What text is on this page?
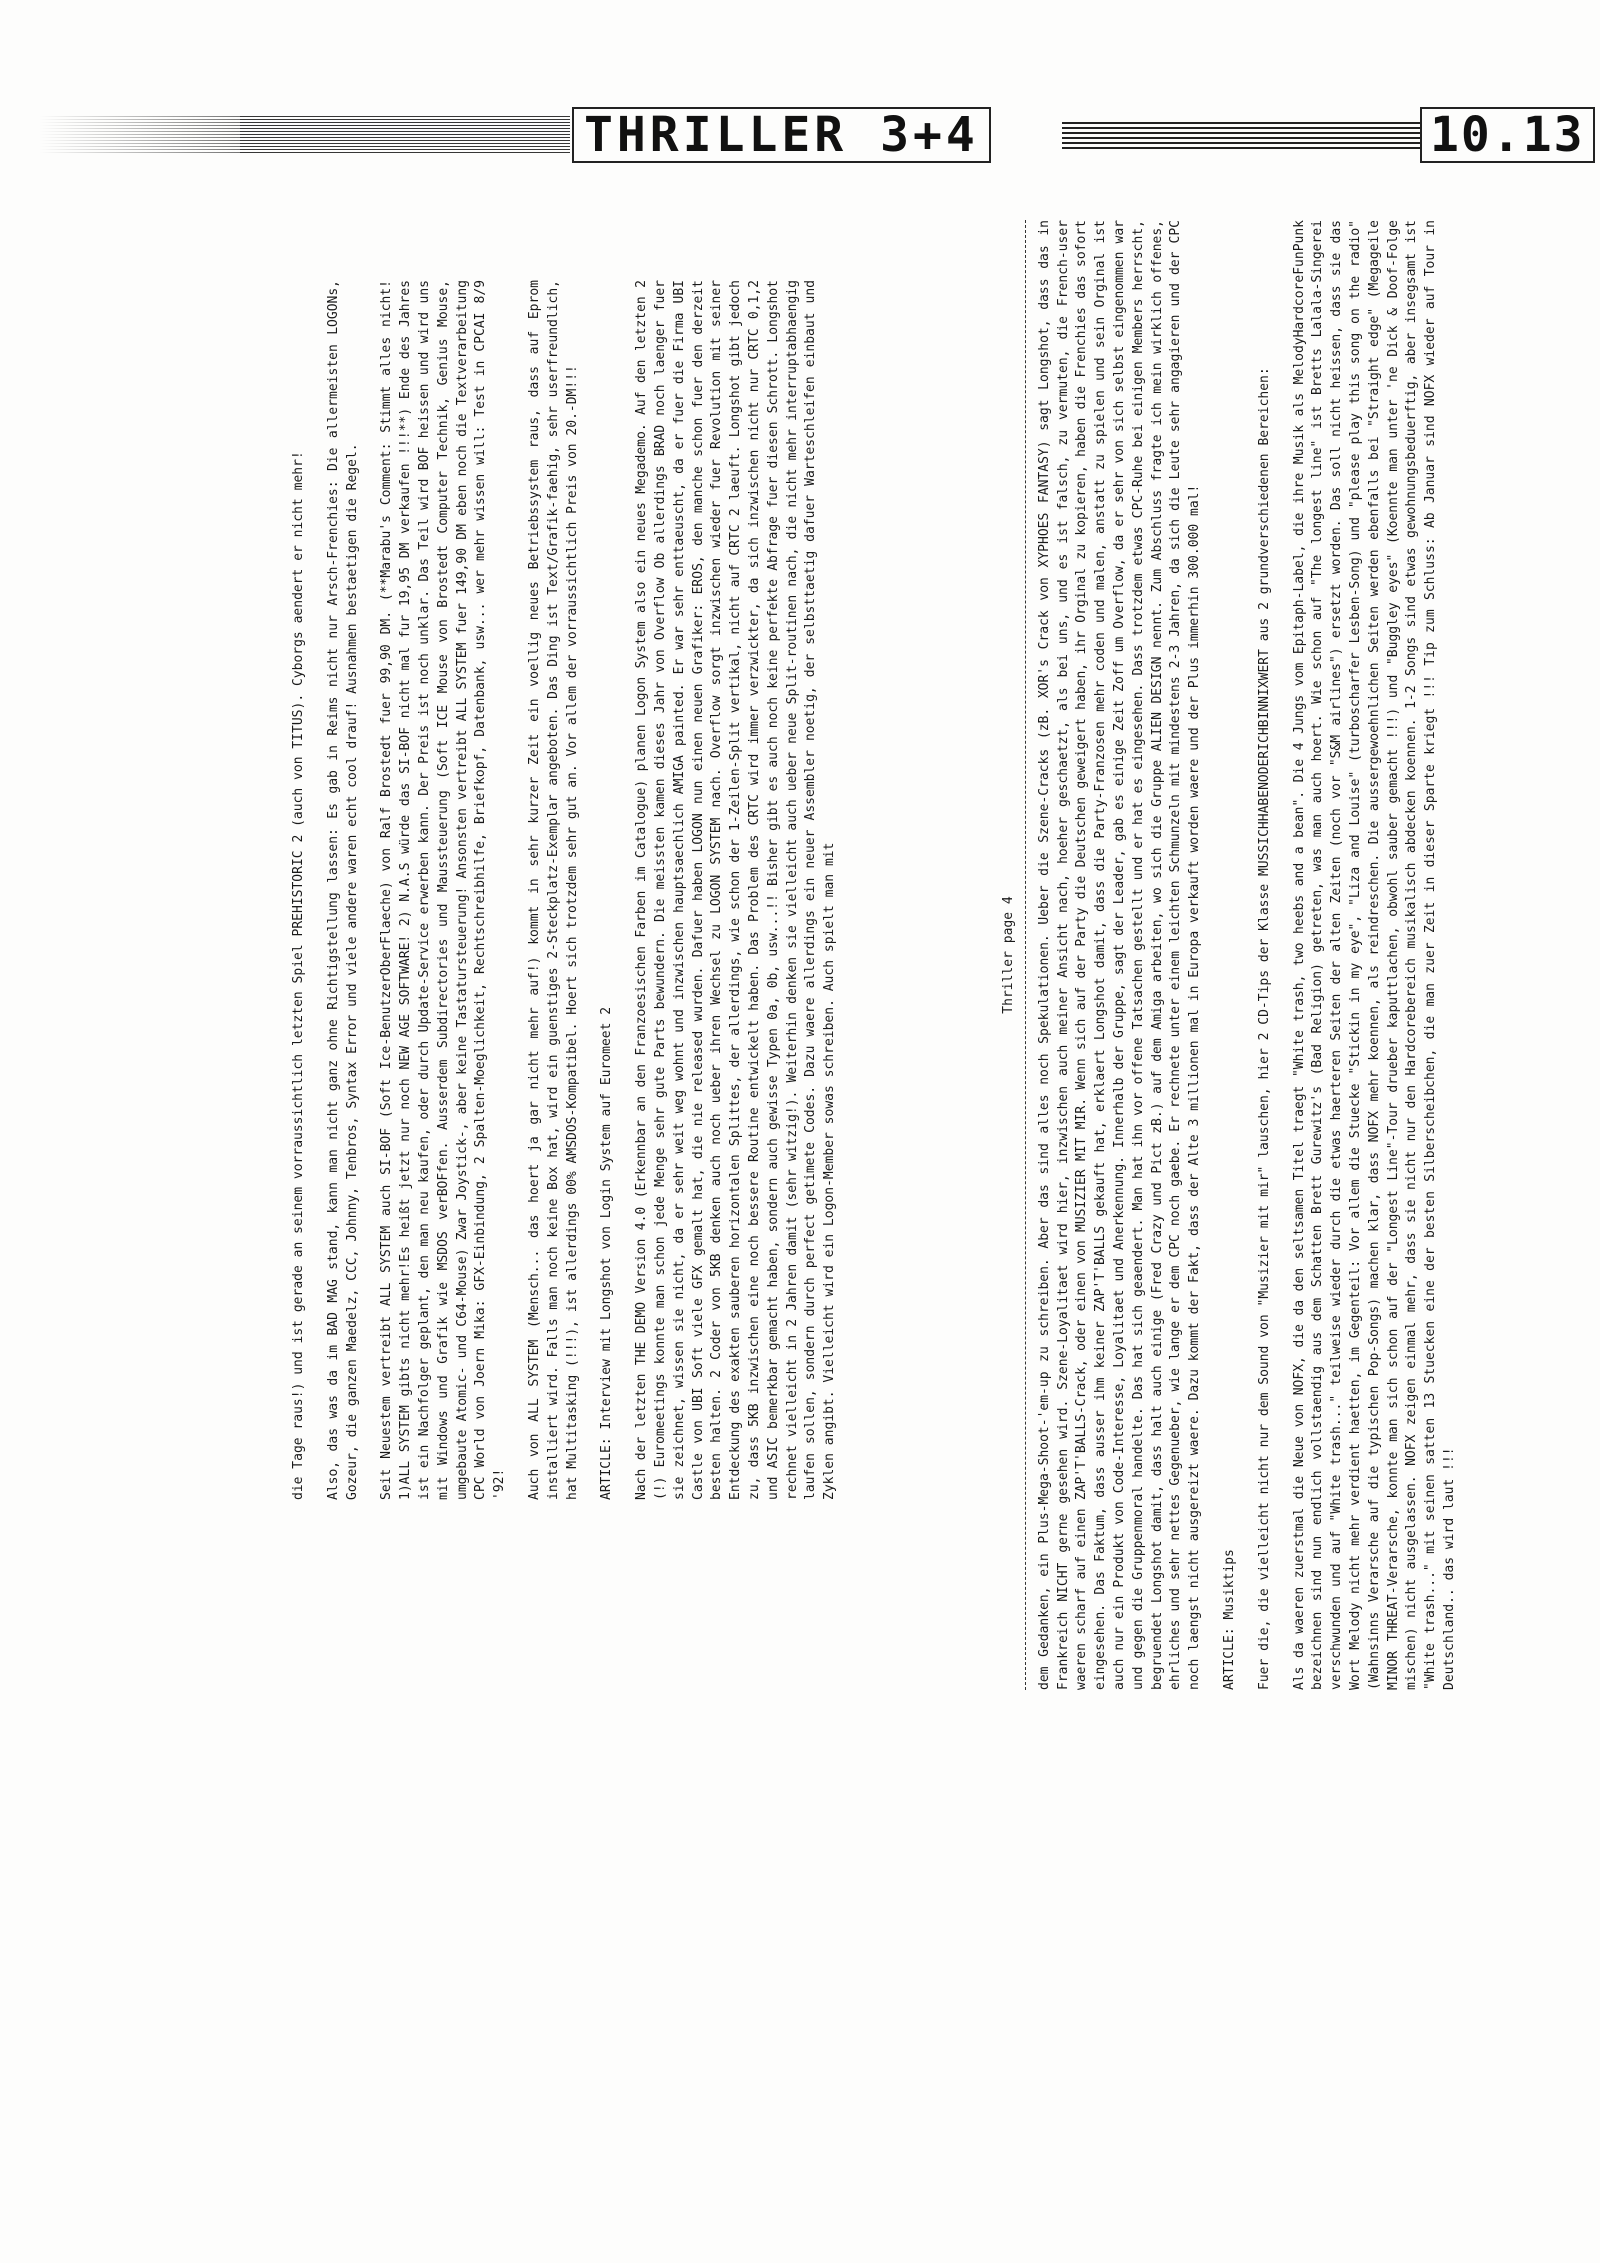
THRILLER 3+4	10.13
Thriller page 4 dem Gedanken, ein Plus-Mega-Shoot-'em-up zu schreiben. Aber das sind alles noch Spekulationen. Ueber die Szene-Cracks (zB. XOR's Crack von XYPHOES FANTASY) sagt Longshot, dass das in Frankreich NICHT gerne gesehen wird. Szene-Loyalitaet wird hier, inzwischen auch meiner Ansicht nach, hoeher geschaetzt, als bei uns, und es ist falsch, zu vermuten, die French-user waeren scharf auf einen ZAP'T'BALLS-Crack, oder einen von MUSIZIER MIT MIR. Wenn sich auf der Party die Deutschen geweigert haben, ihr Orginal zu kopieren, haben die Frenchies das sofort eingesehen. Das Faktum, dass ausser ihm keiner ZAP'T'BALLS gekauft hat, erklaert Longshot damit, dass die Party-Franzosen mehr coden und malen, anstatt zu spielen und sein Orginal ist auch nur ein Produkt von Code-Interesse, Loyalitaet und Anerkennung. Innerhalb der Gruppe, sagt der Leader, gab es einige Zeit Zoff um Overflow, da er sehr von sich selbst eingenommen war und gegen die Gruppenmoral handelte. Das hat sich geaendert. Man hat ihn vor offene Tatsachen gestellt und er hat es eingesehen. Dass trotzdem etwas CPC-Ruhe bei einigen Members herrscht, begruendet Longshot damit, dass halt auch einige (Fred Crazy und Pict zB.) auf dem Amiga arbeiten, wo sich die Gruppe ALIEN DESIGN nennt. Zum Abschluss fragte ich mein wirklich offenes, ehrliches und sehr nettes Gegenueber, wie lange er dem CPC noch gaebe. Er rechnete unter einem leichten Schmunzeln mit mindestens 2-3 Jahren, da sich die Leute sehr angagieren und der CPC noch laengst nicht ausgereizt waere. Dazu kommt der Fakt, dass der Alte 3 millionen mal in Europa verkauft worden waere und der Plus immerhin 300.000 mal! ARTICLE: Musiktips Fuer die, die vielleicht nicht nur dem Sound von "Musizier mit mir" lauschen, hier 2 CD-Tips der Klasse MUSSICHHABENODERICHBINNIXWERT aus 2 grundverschiedenen Bereichen: Als da waeren zuerstmal die Neue von NOFX, die da den seltsamen Titel traegt "White trash, two heebs and a bean". Die 4 Jungs vom Epitaph-Label, die ihre Musik als MelodyHardcoreFunPunk bezeichnen sind nun endlich vollstaendig aus dem Schatten Brett Gurewitz's (Bad Religion) getreten, was man auch hoert. Wie schon auf "The longest line" ist Bretts Lalala-Singerei verschwunden und auf "White trash..." teilweise wieder durch die etwas haerteren Seiten der alten Zeiten (noch vor "S&M airlines") ersetzt worden. Das soll nicht heissen, dass sie das Wort Melody nicht mehr verdient haetten, im Gegenteil: Vor allem die Stuecke "Stickin in my eye", "Liza and Louise" (turboscharfer Lesben-Song) und "please play this song on the radio" (Wahnsinns Verarsche auf die typischen Pop-Songs) machen klar, dass NOFX mehr koennen, als reindreschen. Die aussergewoehnlichen Seiten werden ebenfalls bei "Straight edge" (Megageile MINOR THREAT-Verarsche, konnte man sich schon auf der "Longest Line"-Tour drueber kaputtlachen, obwohl sauber gemacht !!!) und "Buggley eyes" (Koennte man unter 'ne Dick & Doof-Folge mischen) nicht ausgelassen. NOFX zeigen einmal mehr, dass sie nicht nur den Hardcorebereich musikalisch abdecken koennen. 1-2 Songs sind etwas gewohnungsbeduerftig, aber insegsamt ist "White trash..." mit seinen satten 13 Stuecken eine der besten Silberscheibchen, die man zuer Zeit in dieser Sparte kriegt !!! Tip zum Schluss: Ab Januar sind NOFX wieder auf Tour in Deutschland.. das wird laut !!!

die Tage raus!) und ist gerade an seinem vorraussichtlich letzten Spiel PREHISTORIC 2 (auch von TITUS). Cyborgs aendert er nicht mehr! Also, das was da im BAD MAG stand, kann man nicht ganz ohne Richtigstellung lassen: Es gab in Reims nicht nur Arsch-Frenchies: Die allermeisten LOGONs, Gozeur, die ganzen Maedelz, CCC, Johnny, Tenbros, Syntax Error und viele andere waren echt cool drauf! Ausnahmen bestaetigen die Regel. Seit Neuestem vertreibt ALL SYSTEM auch SI-BOF (Soft Ice-BenutzerOberFlaeche) von Ralf Brostedt fuer 99,90 DM. (**Marabu's Comment: Stimmt alles nicht! 1)ALL SYSTEM gibts nicht mehr!Es heißt jetzt nur noch NEW AGE SOFTWARE! 2) N.A.S würde das SI-BOF nicht mal fur 19,95 DM verkaufen !!!**) Ende des Jahres ist ein Nachfolger geplant, den man neu kaufen, oder durch Update-Service erwerben kann. Der Preis ist noch unklar. Das Teil wird BOF heissen und wird uns mit Windows und Grafik wie MSDOS verBOFfen. Ausserdem Subdirectories und Maussteuerung (Soft ICE Mouse von Brostedt Computer Technik, Genius Mouse, umgebaute Atomic- und C64-Mouse) Zwar Joystick-, aber keine Tastatursteuerung! Ansonsten vertreibt ALL SYSTEM fuer 149,90 DM eben noch die Textverarbeitung CPC World von Joern Mika: GFX-Einbindung, 2 Spalten-Moeglichkeit, Rechtschreibhilfe, Briefkopf, Datenbank, usw... wer mehr wissen will: Test in CPCAI 8/9 '92! Auch von ALL SYSTEM (Mensch... das hoert ja gar nicht mehr auf!) kommt in sehr kurzer Zeit ein voellig neues Betriebssystem raus, dass auf Eprom installiert wird. Falls man noch keine Box hat, wird ein guenstiges 2-Steckplatz-Exemplar angeboten. Das Ding ist Text/Grafik-faehig, sehr userfreundlich, hat Multitasking (!!!), ist allerdings 00% AMSDOS-Kompatibel. Hoert sich trotzdem sehr gut an. Vor allem der vorraussichtlich Preis von 20.-DM!!! ARTICLE: Interview mit Longshot von Login System auf Euromeet 2 Nach der letzten THE DEMO Version 4.0 (Erkennbar an den Franzoesischen Farben im Catalogue) planen Logon System also ein neues Megademo. Auf den letzten 2 (!) Euromeetings konnte man schon jede Menge sehr gute Parts bewundern. Die meissten kamen dieses Jahr von Overflow Ob allerdings BRAD noch laenger fuer sie zeichnet, wissen sie nicht, da er sehr weit weg wohnt und inzwischen hauptsaechlich AMIGA painted. Er war sehr enttaeuscht, da er fuer die Firma UBI Castle von UBI Soft viele GFX gemalt hat, die nie released wurden. Dafuer haben LOGON nun einen neuen Grafiker: EROS, den manche schon fuer den derzeit besten halten. 2 Coder von 5KB denken auch noch ueber ihren Wechsel zu LOGON SYSTEM nach. Overflow sorgt inzwischen wieder fuer Revolution mit seiner Entdeckung des exakten sauberen horizontalen Splittes, der allerdings, wie schon der 1-Zeilen-Split vertikal, nicht auf CRTC 2 laeuft. Longshot gibt jedoch zu, dass 5KB inzwischen eine noch bessere Routine entwickelt haben. Das Problem des CRTC wird immer verzwickter, da sich inzwischen nicht nur CRTC 0,1,2 und ASIC bemerkbar gemacht haben, sondern auch gewisse Typen 0a, 0b, usw...!! Bisher gibt es auch noch keine perfekte Abfrage fuer diesen Schrott. Longshot rechnet vielleicht in 2 Jahren damit (sehr witzig!). Weiterhin denken sie vielleicht auch ueber neue Split-routinen nach, die nicht mehr interruptabhaengig laufen sollen, sondern durch perfect getimete Codes. Dazu waere allerdings ein neuer Assembler noetig, der selbsttaetig dafuer Warteschleifen einbaut und Zyklen angibt. Vielleicht wird ein Logon-Member sowas schreiben. Auch spielt man mit
